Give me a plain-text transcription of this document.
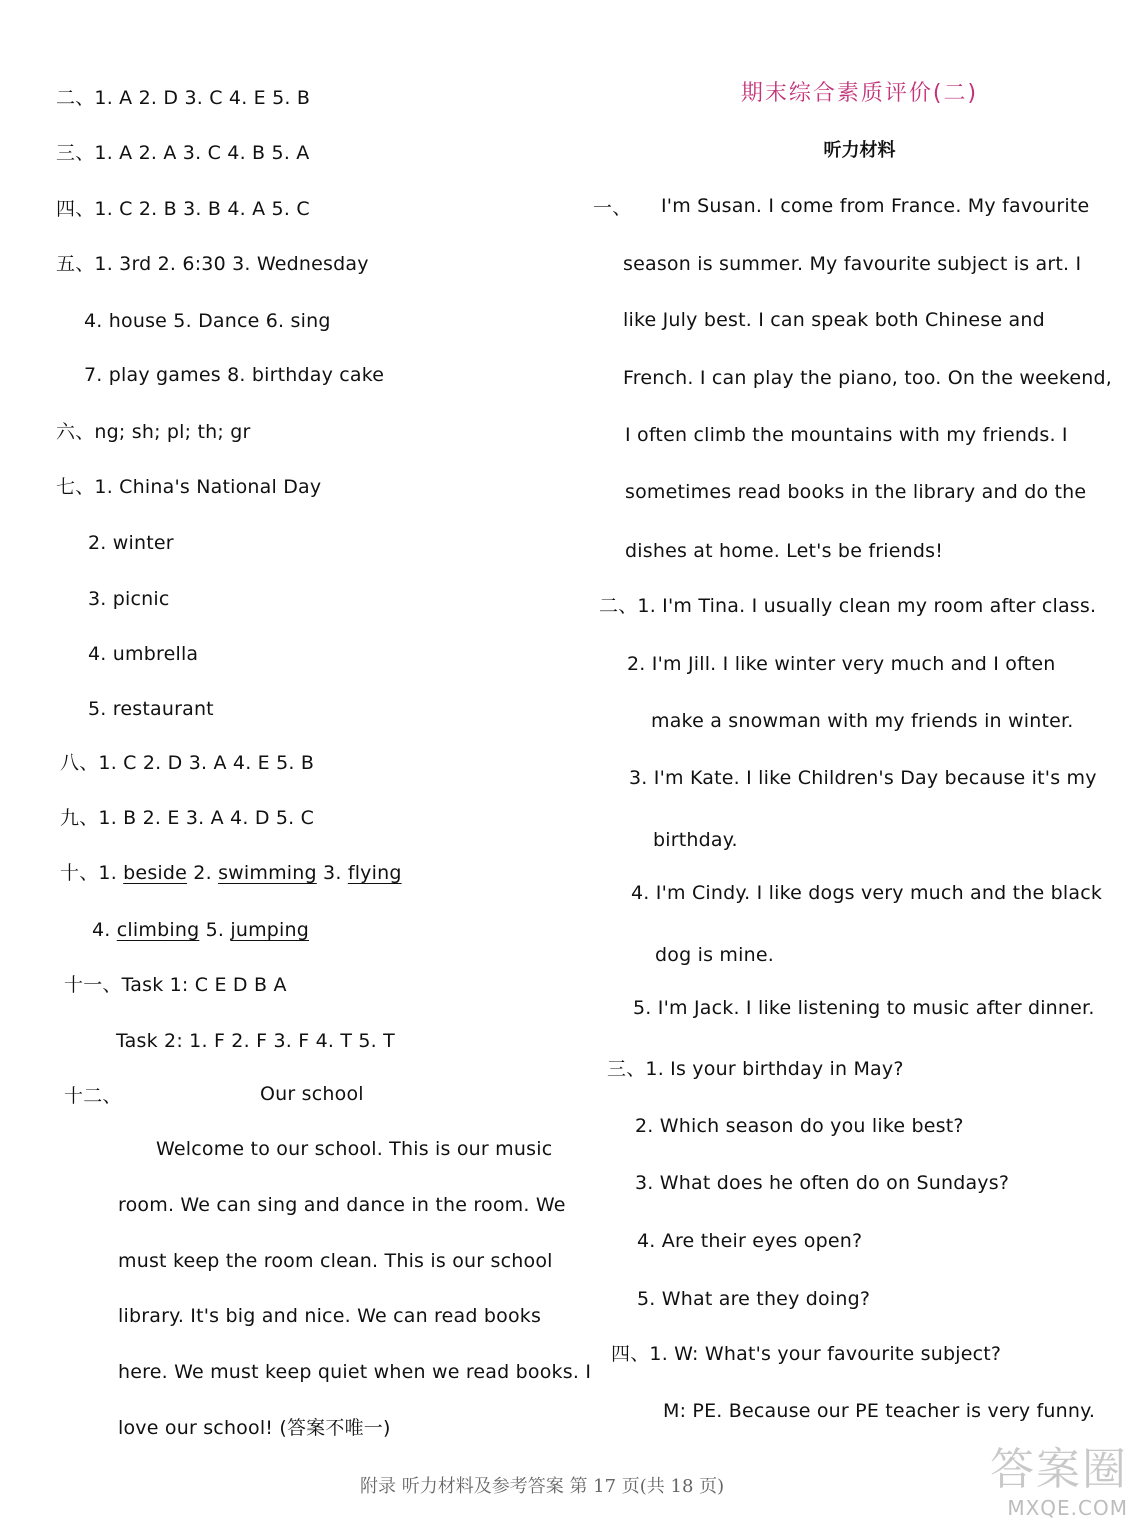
二、1. A 2. D 3. C 4. E 5. B
三、1. A 2. A 3. C 4. B 5. A
四、1. C 2. B 3. B 4. A 5. C
五、1. 3rd 2. 6:30 3. Wednesday
4. house 5. Dance 6. sing
7. play games 8. birthday cake
六、ng; sh; pl; th; gr
七、1. China's National Day
2. winter
3. picnic
4. umbrella
5. restaurant
八、1. C 2. D 3. A 4. E 5. B
九、1. B 2. E 3. A 4. D 5. C
十、1. beside 2. swimming 3. flying
4. climbing 5. jumping
十一、Task 1: C E D B A
Task 2: 1. F 2. F 3. F 4. T 5. T
十二、	Our school
Welcome to our school. This is our music
room. We can sing and dance in the room. We
must keep the room clean. This is our school
library. It's big and nice. We can read books
here. We must keep quiet when we read books. I
love our school! (答案不唯一)
期末综合素质评价(二)
听力材料
一、 I'm Susan. I come from France. My favourite
season is summer. My favourite subject is art. I
like July best. I can speak both Chinese and
French. I can play the piano, too. On the weekend,
I often climb the mountains with my friends. I
sometimes read books in the library and do the
dishes at home. Let's be friends!
二、1. I'm Tina. I usually clean my room after class.
2. I'm Jill. I like winter very much and I often
make a snowman with my friends in winter.
3. I'm Kate. I like Children's Day because it's my
birthday.
4. I'm Cindy. I like dogs very much and the black
dog is mine.
5. I'm Jack. I like listening to music after dinner.
三、1. Is your birthday in May?
2. Which season do you like best?
3. What does he often do on Sundays?
4. Are their eyes open?
5. What are they doing?
四、1. W: What's your favourite subject?
M: PE. Because our PE teacher is very funny.
附录 听力材料及参考答案 第 17 页(共 18 页)	答案圈
MXQE.COM
